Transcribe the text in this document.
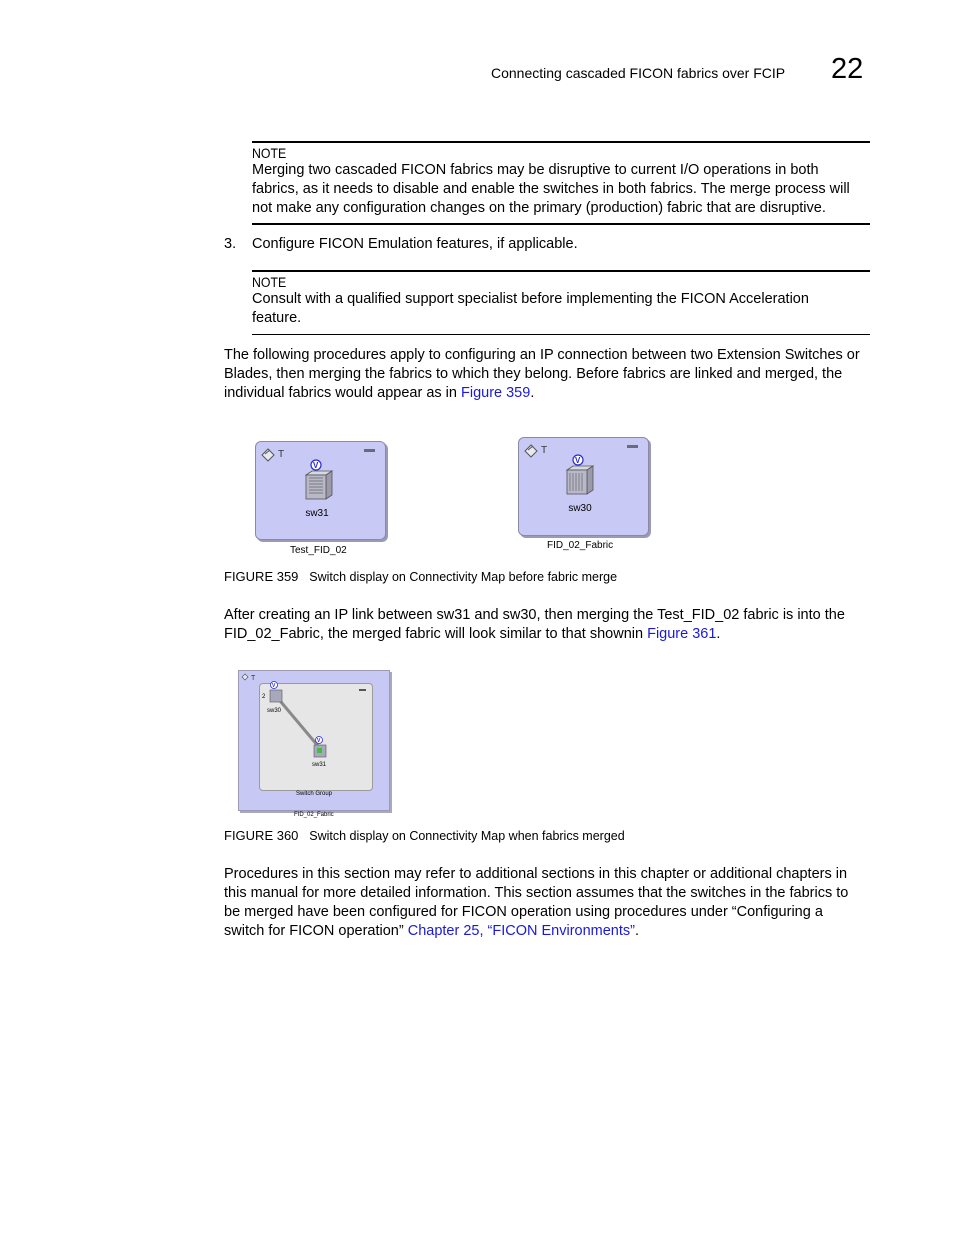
Connecting cascaded FICON fabrics over FCIP 22
NOTE
Merging two cascaded FICON fabrics may be disruptive to current I/O operations in both
fabrics, as it needs to disable and enable the switches in both fabrics. The merge process will
not make any configuration changes on the primary (production) fabric that are disruptive.
3. Configure FICON Emulation features, if applicable.
NOTE
Consult with a qualified support specialist before implementing the FICON Acceleration
feature.
The following procedures apply to configuring an IP connection between two Extension Switches or
Blades, then merging the fabrics to which they belong. Before fabrics are linked and merged, the
individual fabrics would appear as in Figure 359.
T
V
sw31
Test_FID_02
T
V
sw30
FID_02_Fabric
FIGURE 359 Switch display on Connectivity Map before fabric merge
After creating an IP link between sw31 and sw30, then merging the Test_FID_02 fabric is into the
FID_02_Fabric, the merged fabric will look similar to that shownin Figure 361.
T
V
2
sw30
V
sw31
Switch Group
FID_02_Fabric
FIGURE 360 Switch display on Connectivity Map when fabrics merged
Procedures in this section may refer to additional sections in this chapter or additional chapters in
this manual for more detailed information. This section assumes that the switches in the fabrics to
be merged have been configured for FICON operation using procedures under “Configuring a
switch for FICON operation” Chapter 25, “FICON Environments”.
